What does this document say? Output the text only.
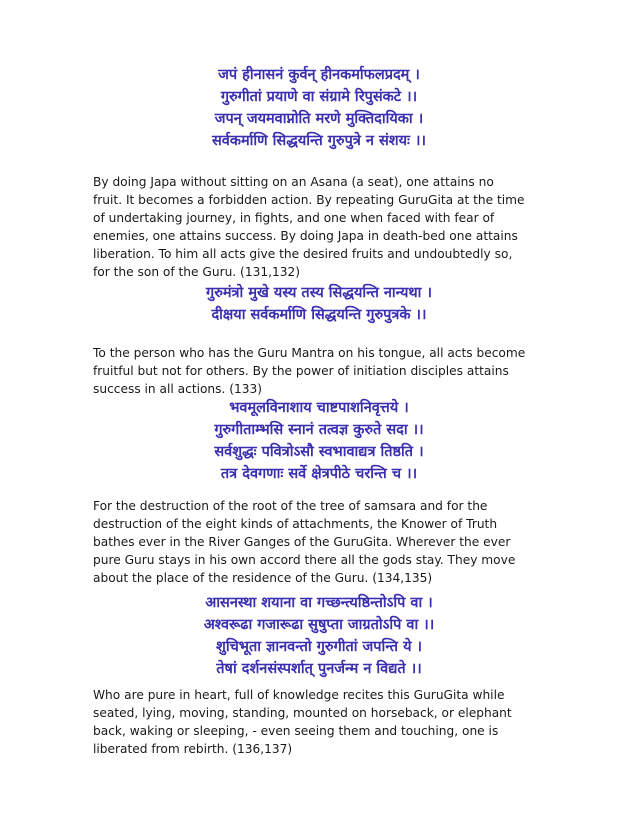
जपं हीनासनं कुर्वन् हीनकर्माफलप्रदम् ।
गुरुगीतां प्रयाणे वा संग्रामे रिपुसंकटे ।।
जपन् जयमवाप्नोति मरणे मुक्तिदायिका ।
सर्वकर्माणि सिद्धयन्ति गुरुपुत्रे न संशयः ।।
By doing Japa without sitting on an Asana (a seat), one attains no
fruit. It becomes a forbidden action. By repeating GuruGita at the time
of undertaking journey, in fights, and one when faced with fear of
enemies, one attains success. By doing Japa in death-bed one attains
liberation. To him all acts give the desired fruits and undoubtedly so,
for the son of the Guru. (131,132)
गुरुमंत्रो मुखे यस्य तस्य सिद्धयन्ति नान्यथा ।
दीक्षया सर्वकर्माणि सिद्धयन्ति गुरुपुत्रके ।।
To the person who has the Guru Mantra on his tongue, all acts become
fruitful but not for others. By the power of initiation disciples attains
success in all actions. (133)
भवमूलविनाशाय चाष्टपाशनिवृत्तये ।
गुरुगीताम्भसि स्नानं तत्वज्ञ कुरुते सदा ।।
सर्वशुद्धः पवित्रोऽसौ स्वभावाद्यत्र तिष्ठति ।
तत्र देवगणाः सर्वे क्षेत्रपीठे चरन्ति च ।।
For the destruction of the root of the tree of samsara and for the
destruction of the eight kinds of attachments, the Knower of Truth
bathes ever in the River Ganges of the GuruGita. Wherever the ever
pure Guru stays in his own accord there all the gods stay. They move
about the place of the residence of the Guru. (134,135)
आसनस्था शयाना वा गच्छन्त्यष्ठिन्तोऽपि वा ।
अश्वरूढा गजारूढा सुषुप्ता जाग्रतोऽपि वा ।।
शुचिभूता ज्ञानवन्तो गुरुगीतां जपन्ति ये ।
तेषां दर्शनसंस्पर्शात् पुनर्जन्म न विद्यते ।।
Who are pure in heart, full of knowledge recites this GuruGita while
seated, lying, moving, standing, mounted on horseback, or elephant
back, waking or sleeping, - even seeing them and touching, one is
liberated from rebirth. (136,137)
